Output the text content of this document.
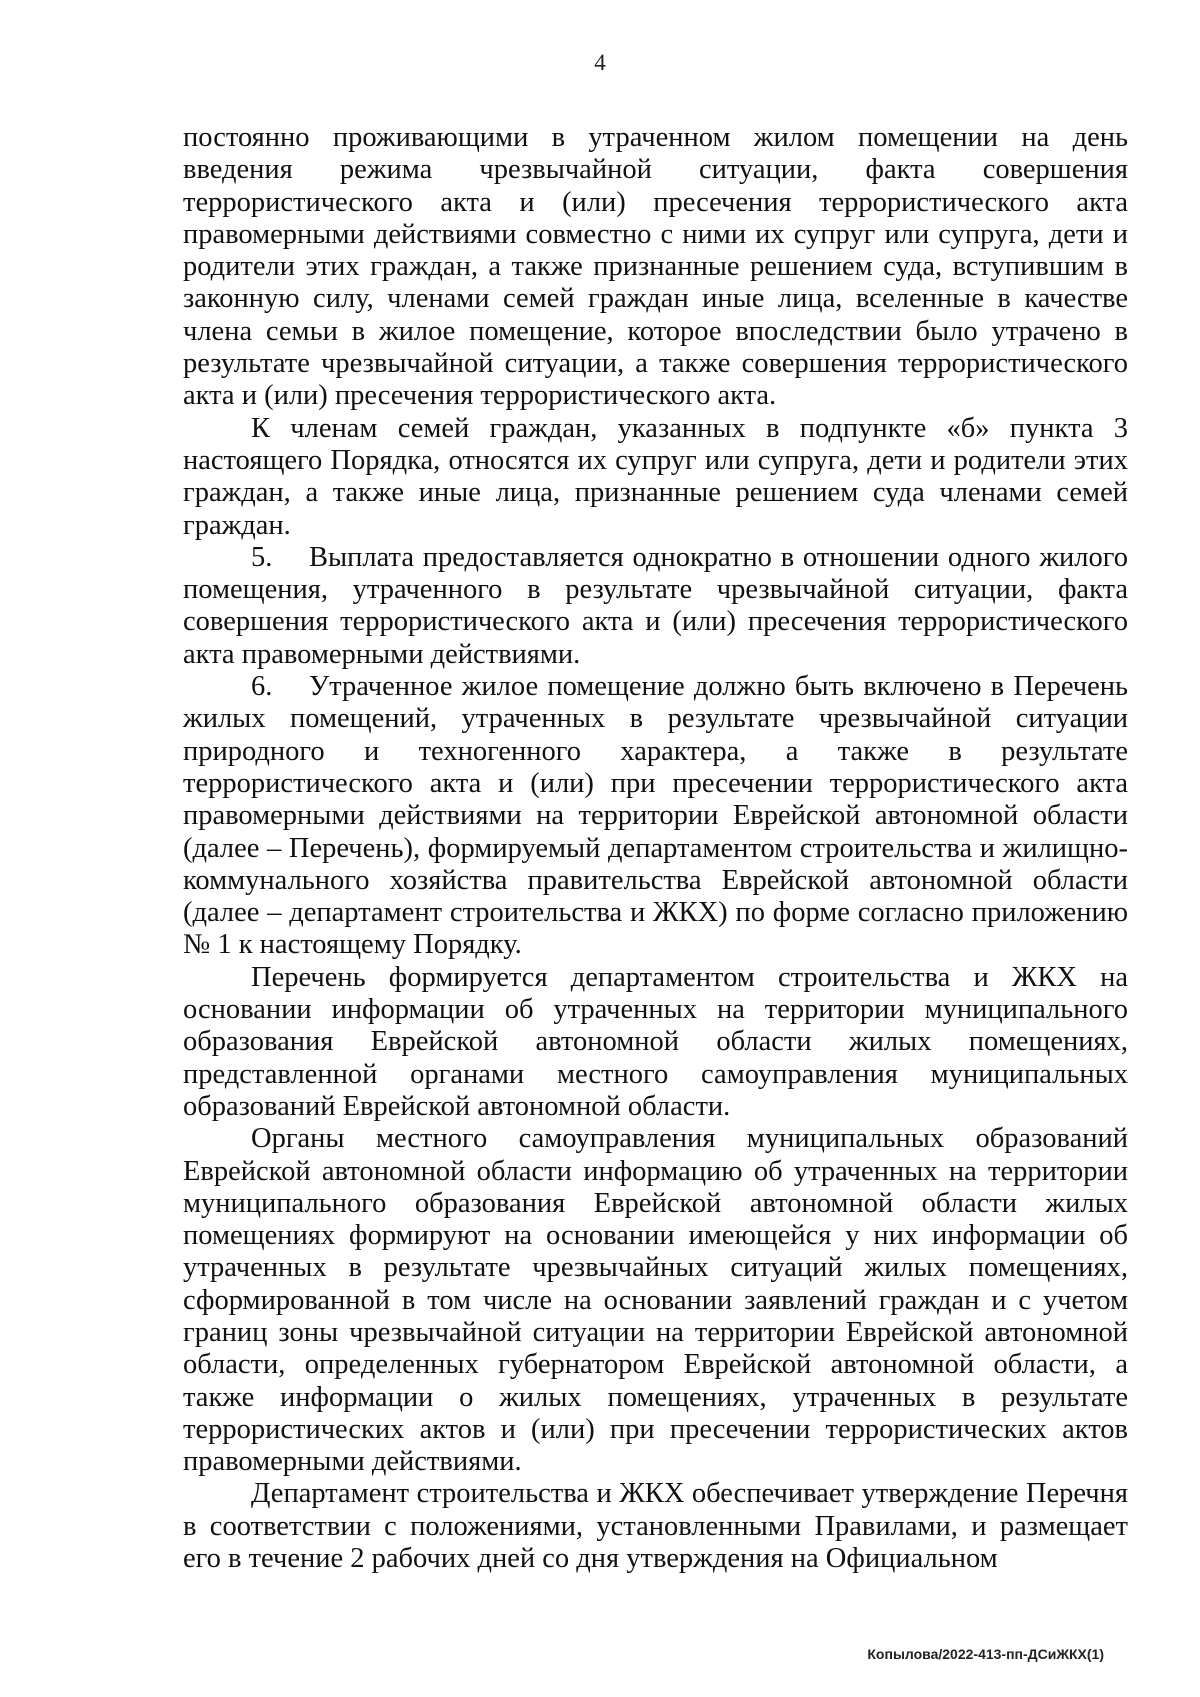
4

постоянно проживающими в утраченном жилом помещении на день введения режима чрезвычайной ситуации, факта совершения террористического акта и (или) пресечения террористического акта правомерными действиями совместно с ними их супруг или супруга, дети и родители этих граждан, а также признанные решением суда, вступившим в законную силу, членами семей граждан иные лица, вселенные в качестве члена семьи в жилое помещение, которое впоследствии было утрачено в результате чрезвычайной ситуации, а также совершения террористического акта и (или) пресечения террористического акта.

К членам семей граждан, указанных в подпункте «б» пункта 3 настоящего Порядка, относятся их супруг или супруга, дети и родители этих граждан, а также иные лица, признанные решением суда членами семей граждан.

5. Выплата предоставляется однократно в отношении одного жилого помещения, утраченного в результате чрезвычайной ситуации, факта совершения террористического акта и (или) пресечения террористического акта правомерными действиями.

6. Утраченное жилое помещение должно быть включено в Перечень жилых помещений, утраченных в результате чрезвычайной ситуации природного и техногенного характера, а также в результате террористического акта и (или) при пресечении террористического акта правомерными действиями на территории Еврейской автономной области (далее – Перечень), формируемый департаментом строительства и жилищно-коммунального хозяйства правительства Еврейской автономной области (далее – департамент строительства и ЖКХ) по форме согласно приложению № 1 к настоящему Порядку.

Перечень формируется департаментом строительства и ЖКХ на основании информации об утраченных на территории муниципального образования Еврейской автономной области жилых помещениях, представленной органами местного самоуправления муниципальных образований Еврейской автономной области.

Органы местного самоуправления муниципальных образований Еврейской автономной области информацию об утраченных на территории муниципального образования Еврейской автономной области жилых помещениях формируют на основании имеющейся у них информации об утраченных в результате чрезвычайных ситуаций жилых помещениях, сформированной в том числе на основании заявлений граждан и с учетом границ зоны чрезвычайной ситуации на территории Еврейской автономной области, определенных губернатором Еврейской автономной области, а также информации о жилых помещениях, утраченных в результате террористических актов и (или) при пресечении террористических актов правомерными действиями.

Департамент строительства и ЖКХ обеспечивает утверждение Перечня в соответствии с положениями, установленными Правилами, и размещает его в течение 2 рабочих дней со дня утверждения на Официальном

Копылова/2022-413-пп-ДСиЖКХ(1)
